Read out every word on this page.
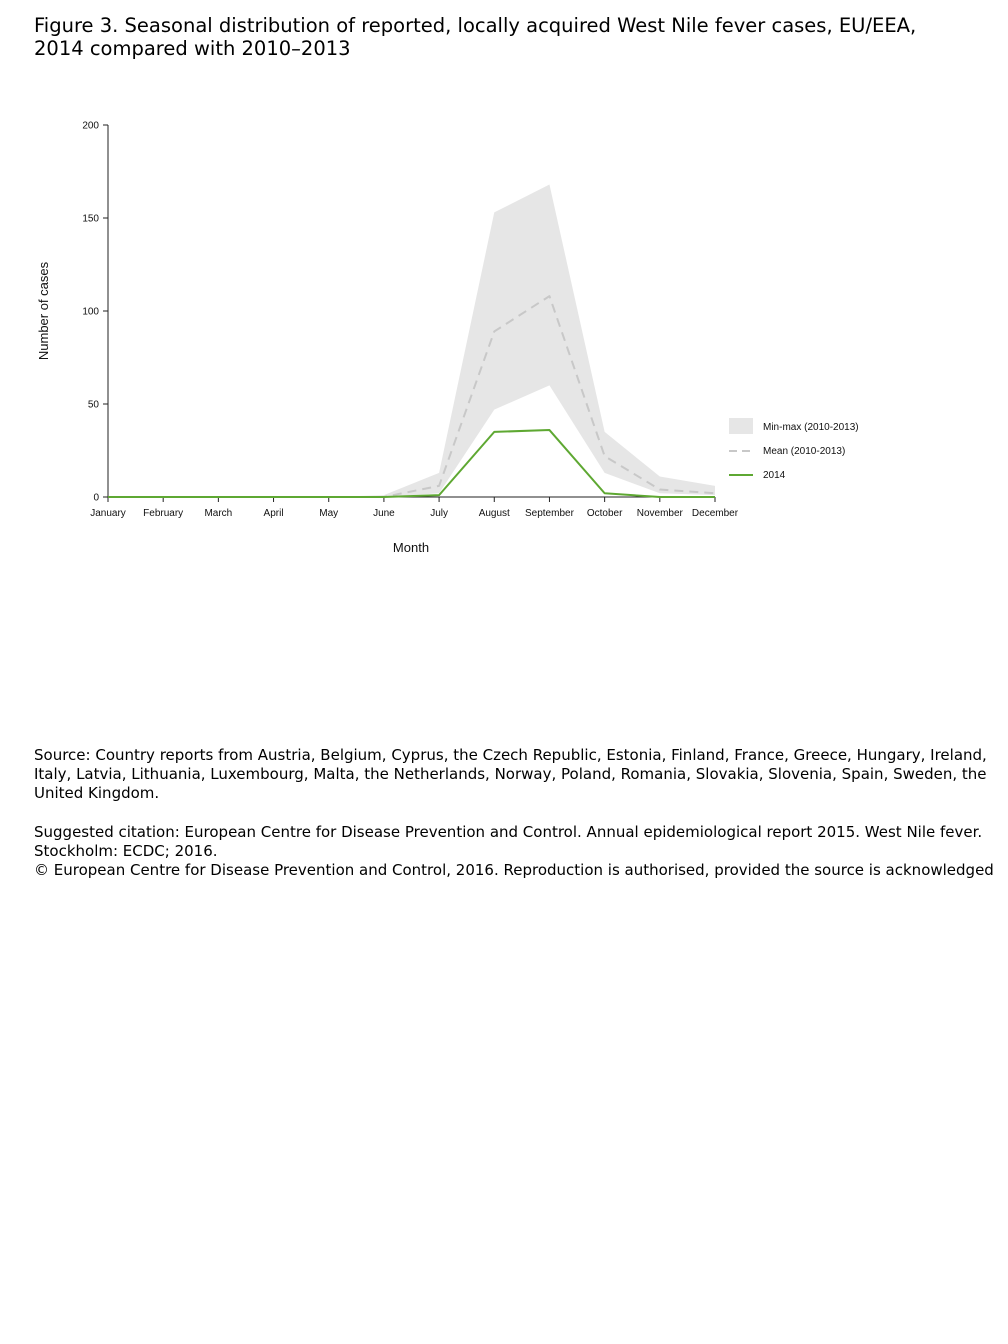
Figure 3. Seasonal distribution of reported, locally acquired West Nile fever cases, EU/EEA,
2014 compared with 2010–2013
0
50
100
150
200
January February March	April	May	June	July	August September October November December
Number of cases
Month
Min-max (2010-2013)
Mean (2010-2013)
2014
Source: Country reports from Austria, Belgium, Cyprus, the Czech Republic, Estonia, Finland, France, Greece, Hungary, Ireland,
Italy, Latvia, Lithuania, Luxembourg, Malta, the Netherlands, Norway, Poland, Romania, Slovakia, Slovenia, Spain, Sweden, the
United Kingdom.
Suggested citation: European Centre for Disease Prevention and Control. Annual epidemiological report 2015. West Nile fever.
Stockholm: ECDC; 2016.
© European Centre for Disease Prevention and Control, 2016. Reproduction is authorised, provided the source is acknowledged
